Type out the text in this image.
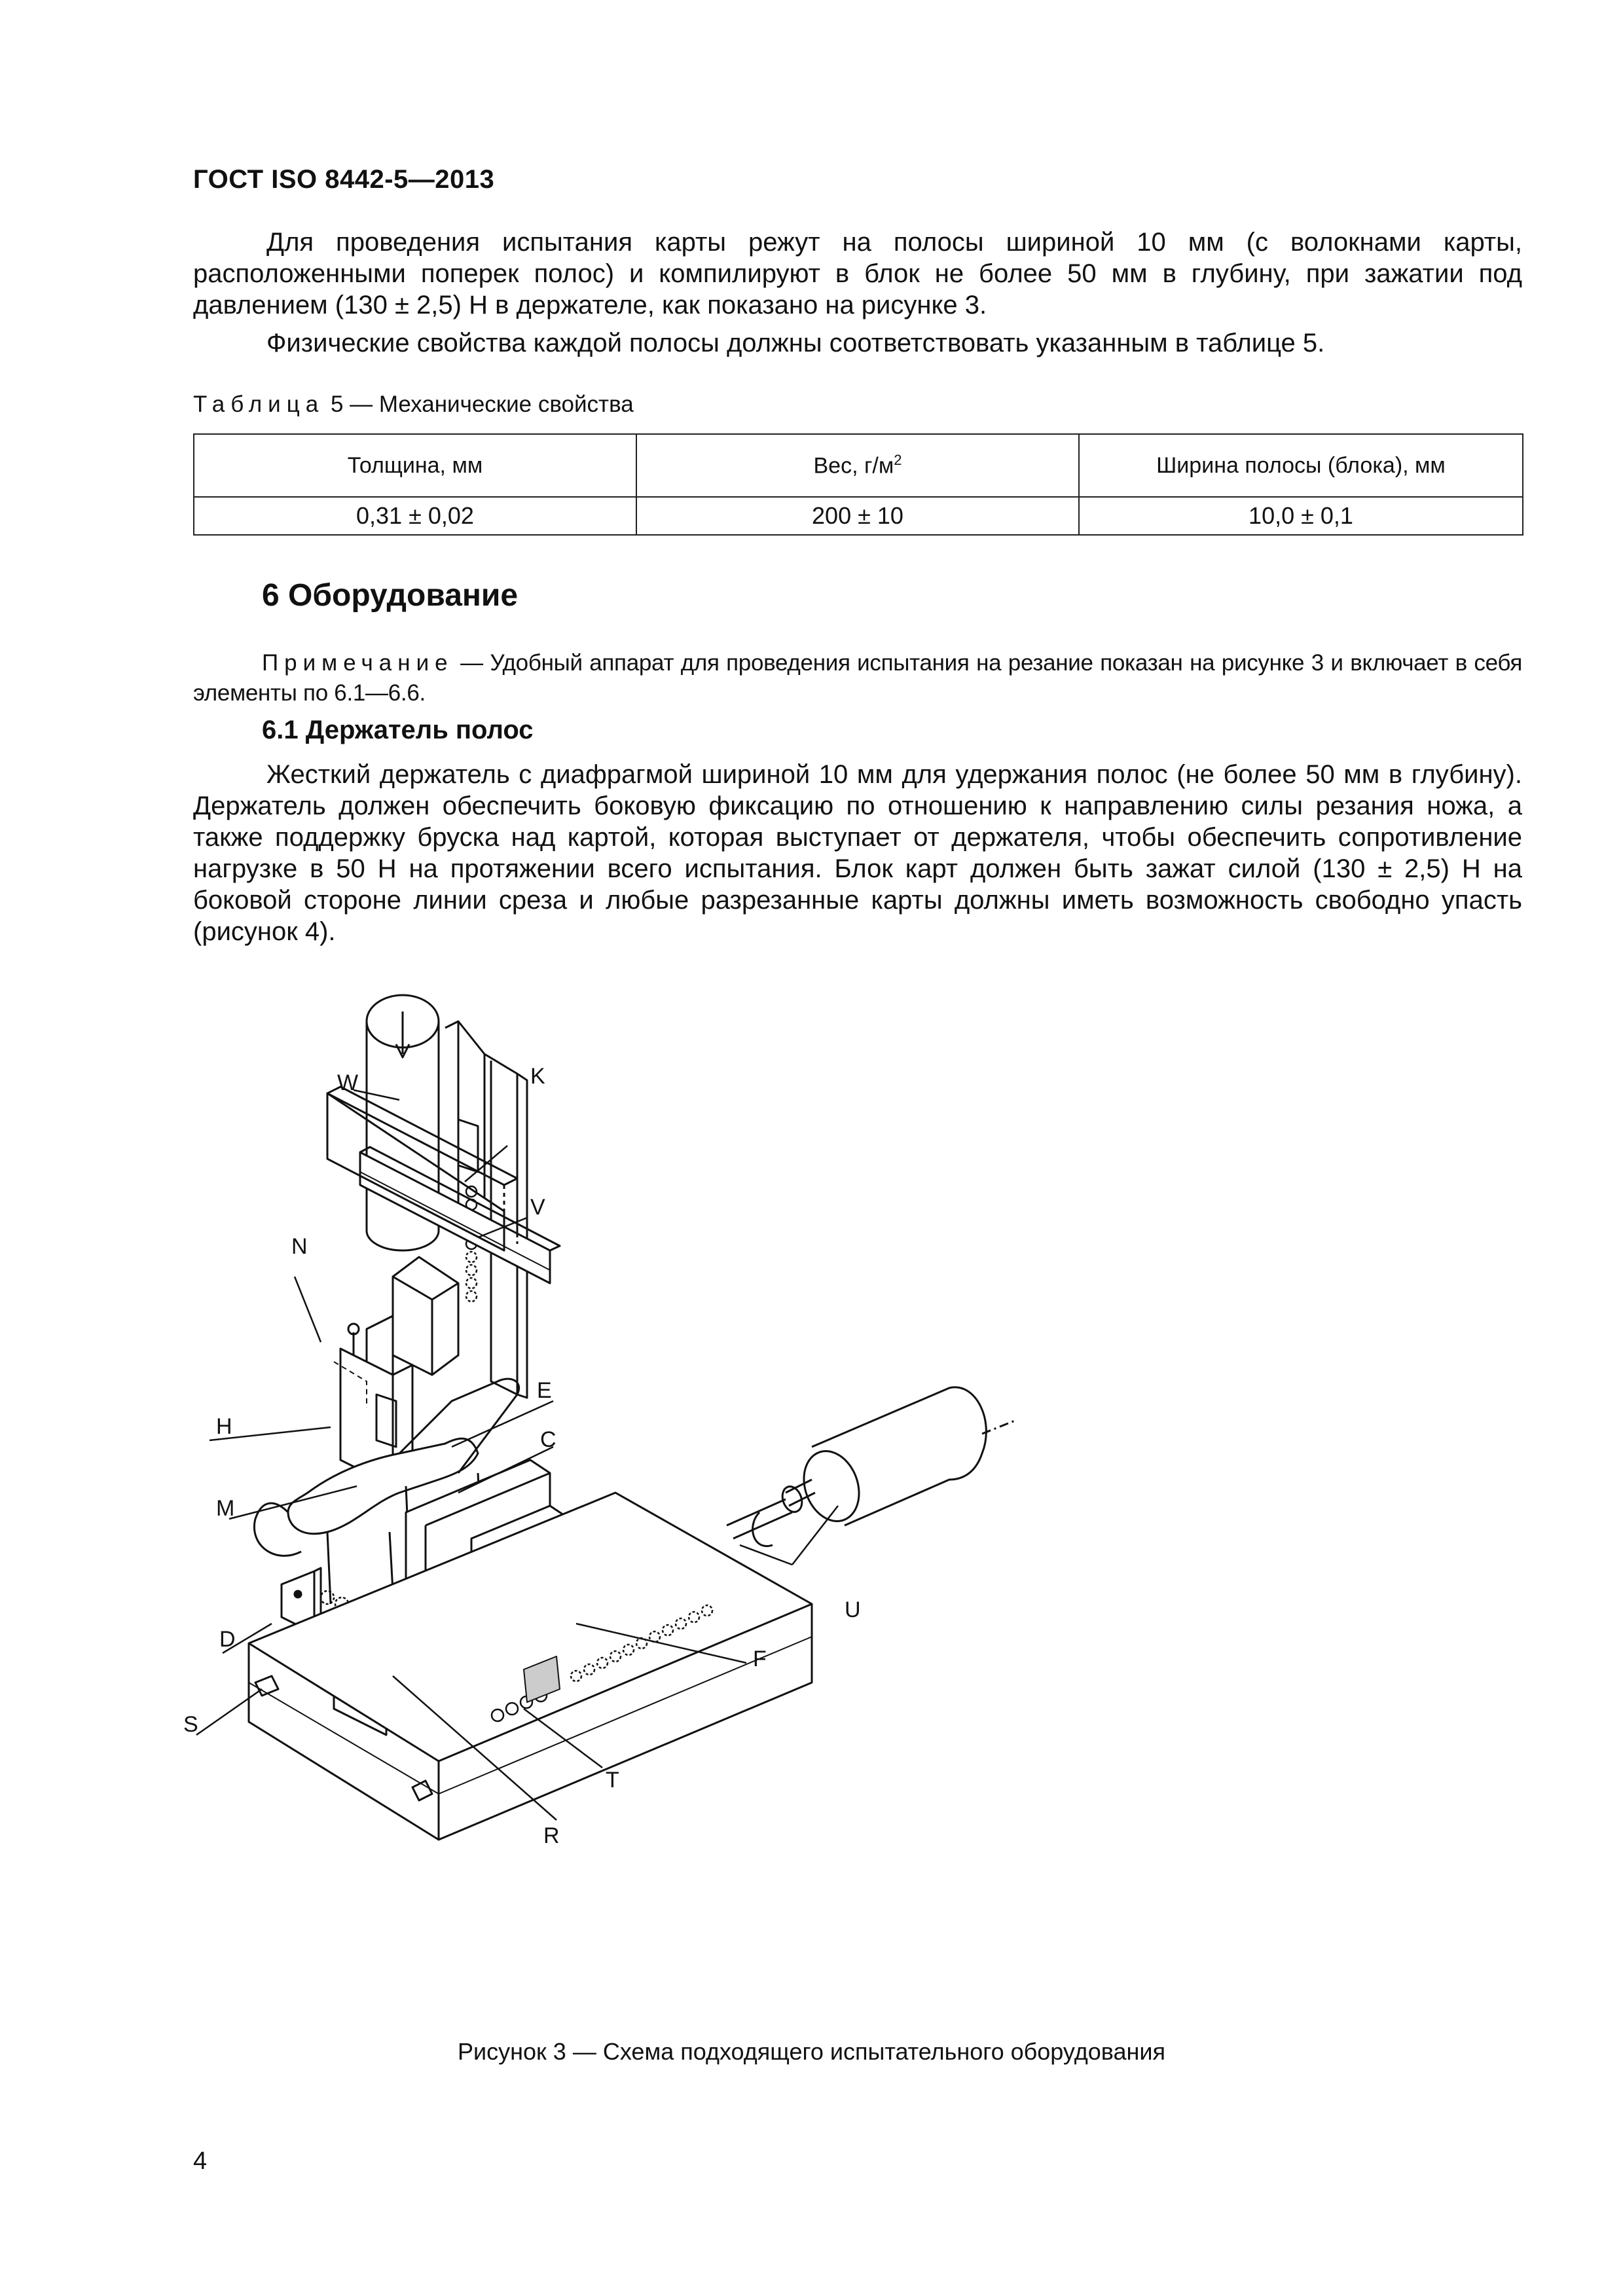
ГОСТ ISO 8442-5—2013

Для проведения испытания карты режут на полосы шириной 10 мм (с волокнами карты, расположенными поперек полос) и компилируют в блок не более 50 мм в глубину, при зажатии под давлением (130 ± 2,5) Н в держателе, как показано на рисунке 3.

Физические свойства каждой полосы должны соответствовать указанным в таблице 5.

Таблица 5 — Механические свойства
Толщина, мм	Вес, $г/м^2$	Ширина полосы (блока), мм
0,31 ± 0,02	200 ± 10	10,0 ± 0,1
6 Оборудование

Примечание — Удобный аппарат для проведения испытания на резание показан на рисунке 3 и включает в себя элементы по 6.1—6.6.

6.1 Держатель полос

Жесткий держатель с диафрагмой шириной 10 мм для удержания полос (не более 50 мм в глубину). Держатель должен обеспечить боковую фиксацию по отношению к направлению силы резания ножа, а также поддержку бруска над картой, которая выступает от держателя, чтобы обеспечить сопротивление нагрузке в 50 Н на протяжении всего испытания. Блок карт должен быть зажат силой (130 ± 2,5) Н на боковой стороне линии среза и любые разрезанные карты должны иметь возможность свободно упасть (рисунок 4).

W	K
V
N
E
H
C
M
D
U
F
S
T
R
Рисунок 3 — Схема подходящего испытательного оборудования
4
